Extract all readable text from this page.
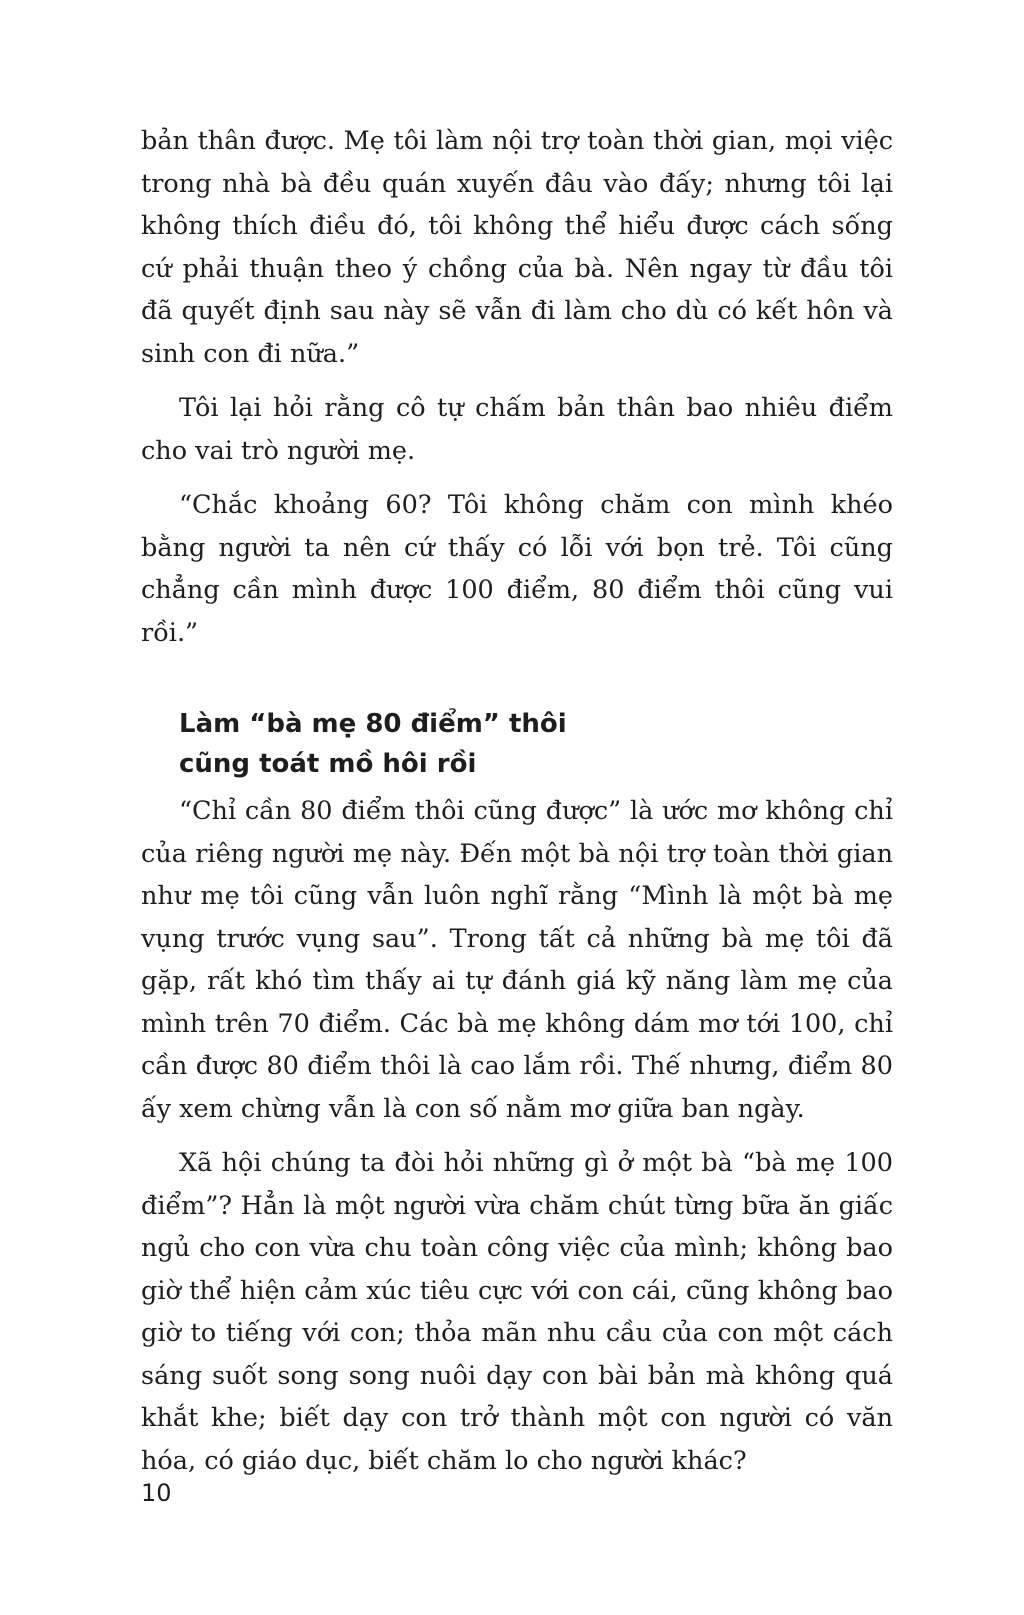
bản thân được. Mẹ tôi làm nội trợ toàn thời gian, mọi việc trong nhà bà đều quán xuyến đâu vào đấy; nhưng tôi lại không thích điều đó, tôi không thể hiểu được cách sống cứ phải thuận theo ý chồng của bà. Nên ngay từ đầu tôi đã quyết định sau này sẽ vẫn đi làm cho dù có kết hôn và sinh con đi nữa.”

Tôi lại hỏi rằng cô tự chấm bản thân bao nhiêu điểm cho vai trò người mẹ.

“Chắc khoảng 60? Tôi không chăm con mình khéo bằng người ta nên cứ thấy có lỗi với bọn trẻ. Tôi cũng chẳng cần mình được 100 điểm, 80 điểm thôi cũng vui rồi.”

Làm “bà mẹ 80 điểm” thôi
cũng toát mồ hôi rồi

“Chỉ cần 80 điểm thôi cũng được” là ước mơ không chỉ của riêng người mẹ này. Đến một bà nội trợ toàn thời gian như mẹ tôi cũng vẫn luôn nghĩ rằng “Mình là một bà mẹ vụng trước vụng sau”. Trong tất cả những bà mẹ tôi đã gặp, rất khó tìm thấy ai tự đánh giá kỹ năng làm mẹ của mình trên 70 điểm. Các bà mẹ không dám mơ tới 100, chỉ cần được 80 điểm thôi là cao lắm rồi. Thế nhưng, điểm 80 ấy xem chừng vẫn là con số nằm mơ giữa ban ngày.

Xã hội chúng ta đòi hỏi những gì ở một bà “bà mẹ 100 điểm”? Hẳn là một người vừa chăm chút từng bữa ăn giấc ngủ cho con vừa chu toàn công việc của mình; không bao giờ thể hiện cảm xúc tiêu cực với con cái, cũng không bao giờ to tiếng với con; thỏa mãn nhu cầu của con một cách sáng suốt song song nuôi dạy con bài bản mà không quá khắt khe; biết dạy con trở thành một con người có văn hóa, có giáo dục, biết chăm lo cho người khác?

10
